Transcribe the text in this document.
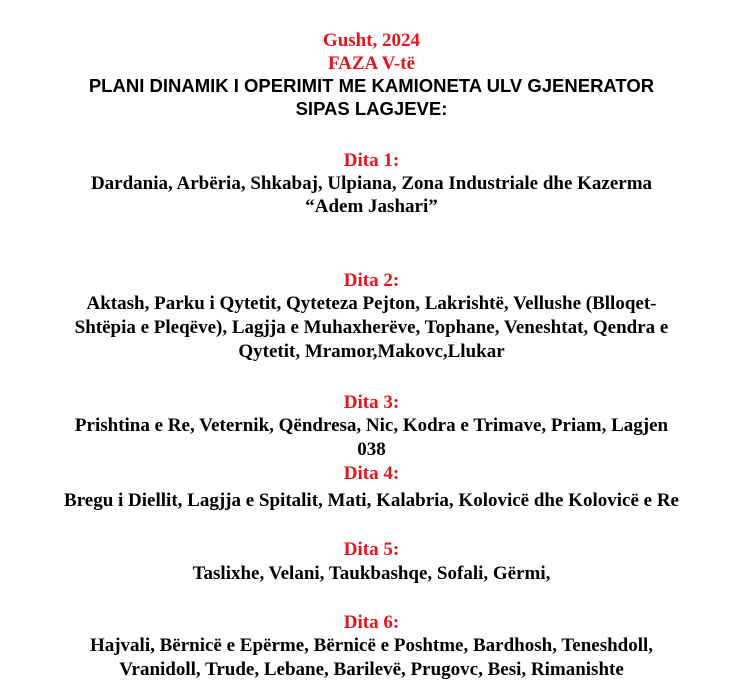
Gusht, 2024
FAZA V-të
PLANI DINAMIK I OPERIMIT ME KAMIONETA ULV GJENERATOR
SIPAS LAGJEVE:
Dita 1:
Dardania, Arbëria, Shkabaj, Ulpiana, Zona Industriale dhe Kazerma
“Adem Jashari”
Dita 2:
Aktash, Parku i Qytetit, Qyteteza Pejton, Lakrishtë, Vellushe (Blloqet-
Shtëpia e Pleqëve), Lagjja e Muhaxherëve, Tophane, Veneshtat, Qendra e
Qytetit, Mramor,Makovc,Llukar
Dita 3:
Prishtina e Re, Veternik, Qëndresa, Nic, Kodra e Trimave, Priam, Lagjen
038
Dita 4:
Bregu i Diellit, Lagjja e Spitalit, Mati, Kalabria, Kolovicë dhe Kolovicë e Re
Dita 5:
Taslixhe, Velani, Taukbashqe, Sofali, Gërmi,
Dita 6:
Hajvali, Bërnicë e Epërme, Bërnicë e Poshtme, Bardhosh, Teneshdoll,
Vranidoll, Trude, Lebane, Barilevë, Prugovc, Besi, Rimanishte
